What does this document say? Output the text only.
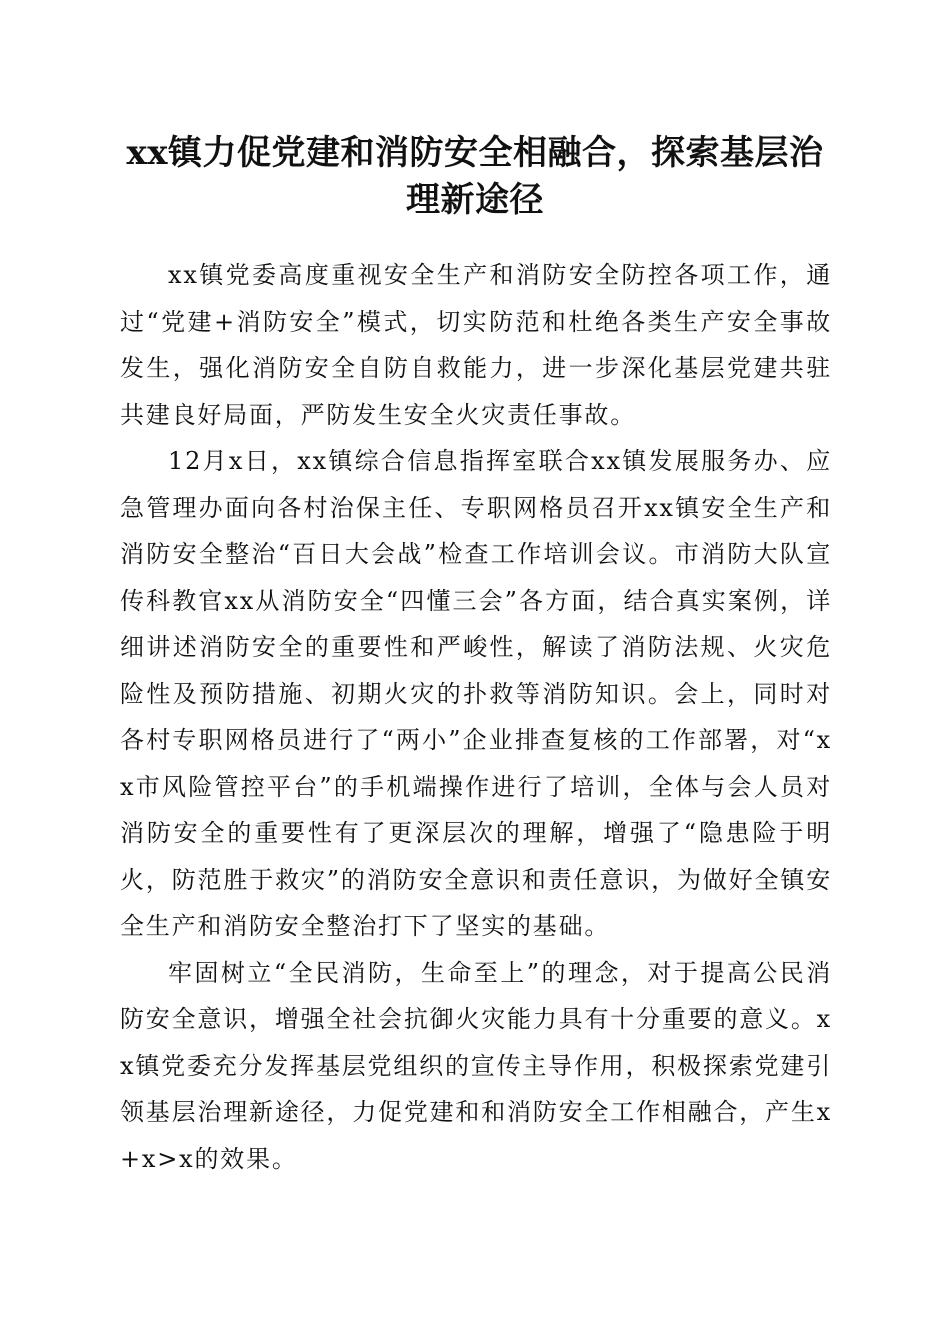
xx镇力促党建和消防安全相融合，探索基层治理新途径

xx镇党委高度重视安全生产和消防安全防控各项工作，通过“党建+消防安全”模式，切实防范和杜绝各类生产安全事故发生，强化消防安全自防自救能力，进一步深化基层党建共驻共建良好局面，严防发生安全火灾责任事故。

12月x日，xx镇综合信息指挥室联合xx镇发展服务办、应急管理办面向各村治保主任、专职网格员召开xx镇安全生产和消防安全整治“百日大会战”检查工作培训会议。市消防大队宣传科教官xx从消防安全“四懂三会”各方面，结合真实案例，详细讲述消防安全的重要性和严峻性，解读了消防法规、火灾危险性及预防措施、初期火灾的扑救等消防知识。会上，同时对各村专职网格员进行了“两小”企业排查复核的工作部署，对“xx市风险管控平台”的手机端操作进行了培训，全体与会人员对消防安全的重要性有了更深层次的理解，增强了“隐患险于明火，防范胜于救灾”的消防安全意识和责任意识，为做好全镇安全生产和消防安全整治打下了坚实的基础。

牢固树立“全民消防，生命至上”的理念，对于提高公民消防安全意识，增强全社会抗御火灾能力具有十分重要的意义。xx镇党委充分发挥基层党组织的宣传主导作用，积极探索党建引领基层治理新途径，力促党建和和消防安全工作相融合，产生x+x>x的效果。
